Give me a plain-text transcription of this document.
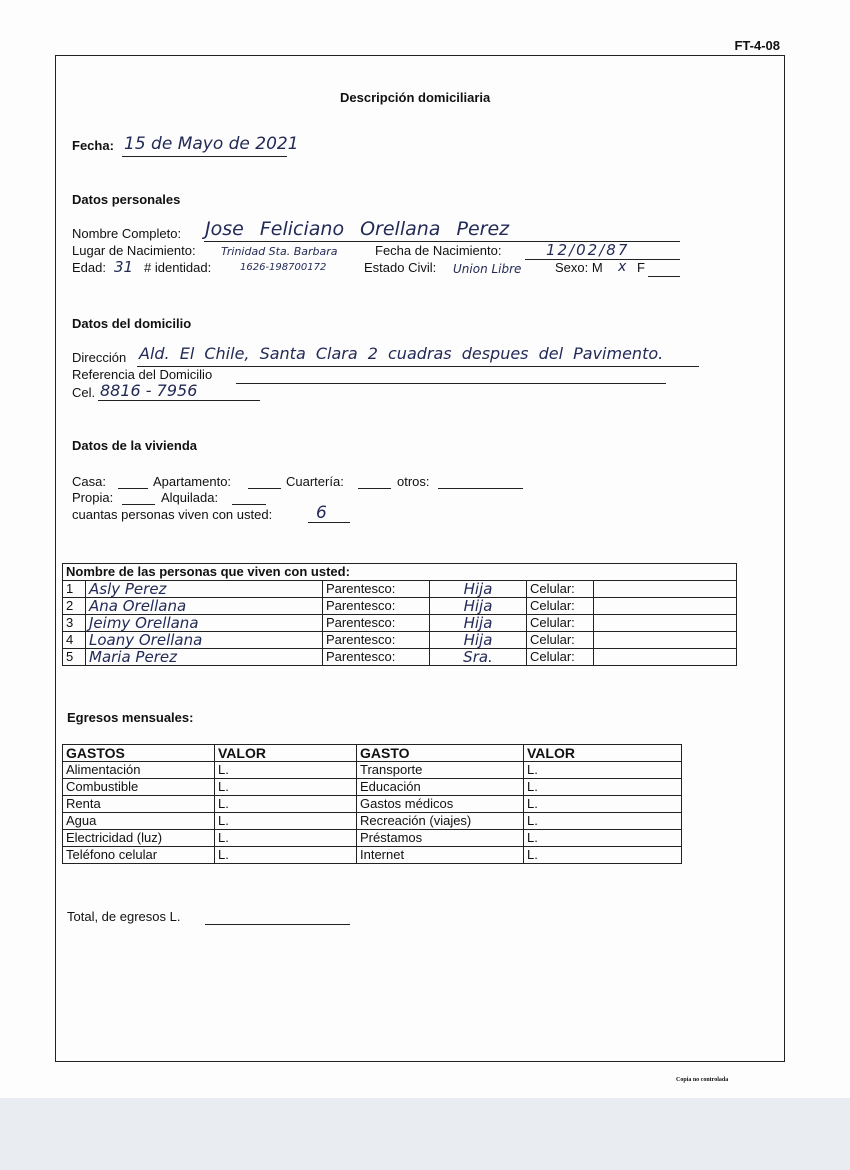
FT-4-08
Descripción domiciliaria
Fecha: 15 de Mayo de 2021
Datos personales
Nombre Completo: Jose Feliciano Orellana Perez
Lugar de Nacimiento: Trinidad Sta. Barbara	Fecha de Nacimiento:	12/02/87
Edad: 31 # identidad:	1626-198700172	Estado Civil: Union Libre	Sexo: M x F
Datos del domicilio
Dirección Ald. El Chile, Santa Clara 2 cuadras despues del Pavimento.
Referencia del Domicilio
Cel. 8816 - 7956
Datos de la vivienda
Casa:	Apartamento:	Cuartería:	otros:
Propia:	Alquilada:
cuantas personas viven con usted:	6
Nombre de las personas que viven con usted:					
1	Asly Perez	Parentesco:	Hija	Celular:	
2	Ana Orellana	Parentesco:	Hija	Celular:	
3	Jeimy Orellana	Parentesco:	Hija	Celular:	
4	Loany Orellana	Parentesco:	Hija	Celular:	
5	Maria Perez	Parentesco:	Sra.	Celular:	
Egresos mensuales:
GASTOS	VALOR	GASTO	VALOR
Alimentación	L.	Transporte	L.
Combustible	L.	Educación	L.
Renta	L.	Gastos médicos	L.
Agua	L.	Recreación (viajes)	L.
Electricidad (luz)	L.	Préstamos	L.
Teléfono celular	L.	Internet	L.
Total, de egresos L.
Copia no controlada
